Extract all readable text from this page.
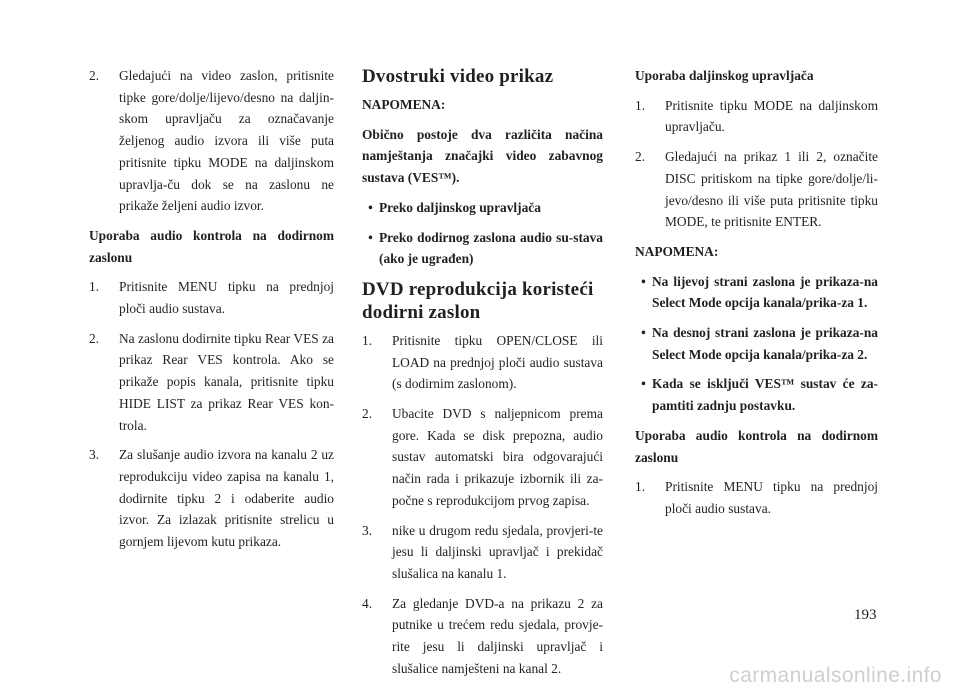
2. Gledajući na video zaslon, pritisnite tipke gore/dolje/lijevo/desno na daljin-skom upravljaču za označavanje željenog audio izvora ili više puta pritisnite tipku MODE na daljinskom upravlja-ču dok se na zaslonu ne prikaže željeni audio izvor.

Uporaba audio kontrola na dodirnom zaslonu

1. Pritisnite MENU tipku na prednjoj ploči audio sustava.

2. Na zaslonu dodirnite tipku Rear VES za prikaz Rear VES kontrola. Ako se prikaže popis kanala, pritisnite tipku HIDE LIST za prikaz Rear VES kon-trola.

3. Za slušanje audio izvora na kanalu 2 uz reprodukciju video zapisa na kanalu 1, dodirnite tipku 2 i odaberite audio izvor. Za izlazak pritisnite strelicu u gornjem lijevom kutu prikaza.

Dvostruki video prikaz

NAPOMENA:

Obično postoje dva različita načina namještanja značajki video zabavnog sustava (VES™).

• Preko daljinskog upravljača

• Preko dodirnog zaslona audio su-stava (ako je ugrađen)

DVD reprodukcija koristeći dodirni zaslon

1. Pritisnite tipku OPEN/CLOSE ili LOAD na prednjoj ploči audio sustava (s dodirnim zaslonom).

2. Ubacite DVD s naljepnicom prema gore. Kada se disk prepozna, audio sustav automatski bira odgovarajući način rada i prikazuje izbornik ili za-počne s reprodukcijom prvog zapisa.

3. nike u drugom redu sjedala, provjeri-te jesu li daljinski upravljač i prekidač slušalica na kanalu 1.

4. Za gledanje DVD-a na prikazu 2 za putnike u trećem redu sjedala, provje-rite jesu li daljinski upravljač i slušalice namješteni na kanal 2.

Uporaba daljinskog upravljača

1. Pritisnite tipku MODE na daljinskom upravljaču.

2. Gledajući na prikaz 1 ili 2, označite DISC pritiskom na tipke gore/dolje/li-jevo/desno ili više puta pritisnite tipku MODE, te pritisnite ENTER.

NAPOMENA:

• Na lijevoj strani zaslona je prikaza-na Select Mode opcija kanala/prika-za 1.

• Na desnoj strani zaslona je prikaza-na Select Mode opcija kanala/prika-za 2.

• Kada se isključi VES™ sustav će za-pamtiti zadnju postavku.

Uporaba audio kontrola na dodirnom zaslonu

1. Pritisnite MENU tipku na prednjoj ploči audio sustava.

193
carmanualsonline.info
